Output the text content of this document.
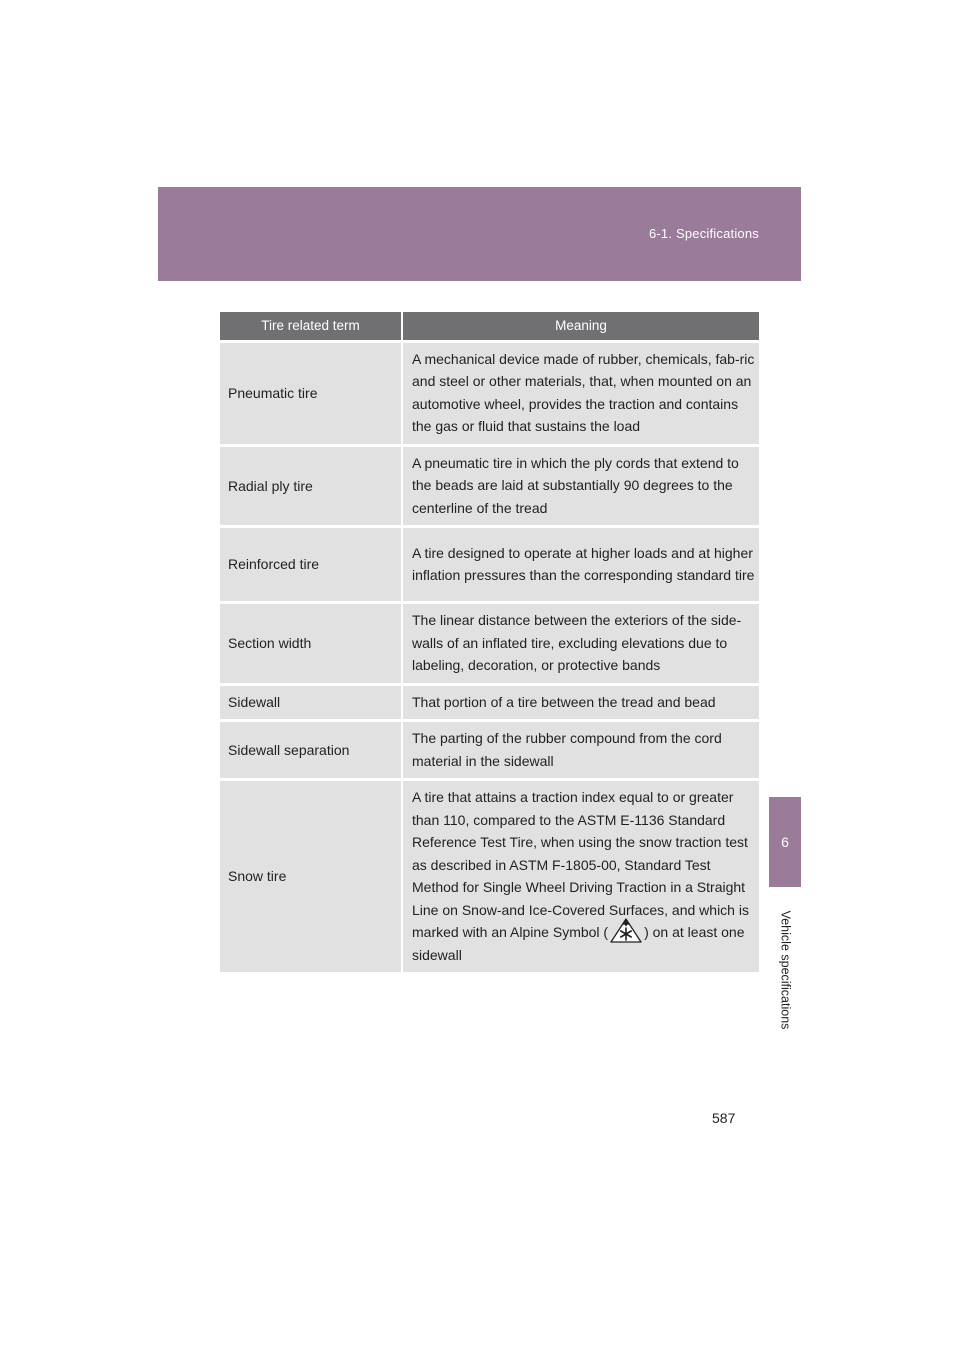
6-1. Specifications
6
Vehicle specifications
Tire related term	Meaning
Pneumatic tire	A mechanical device made of rubber, chemicals, fab-ric and steel or other materials, that, when mounted on an automotive wheel, provides the traction and contains the gas or fluid that sustains the load
Radial ply tire	A pneumatic tire in which the ply cords that extend to the beads are laid at substantially 90 degrees to the centerline of the tread
Reinforced tire	A tire designed to operate at higher loads and at higher inflation pressures than the corresponding standard tire
Section width	The linear distance between the exteriors of the side-walls of an inflated tire, excluding elevations due to labeling, decoration, or protective bands
Sidewall	That portion of a tire between the tread and bead
Sidewall separation	The parting of the rubber compound from the cord material in the sidewall
Snow tire	A tire that attains a traction index equal to or greater than 110, compared to the ASTM E-1136 Standard Reference Test Tire, when using the snow traction test as described in ASTM F-1805-00, Standard Test Method for Single Wheel Driving Traction in a Straight Line on Snow-and Ice-Covered Surfaces, and which is marked with an Alpine Symbol ( ) on at least one sidewall
587
